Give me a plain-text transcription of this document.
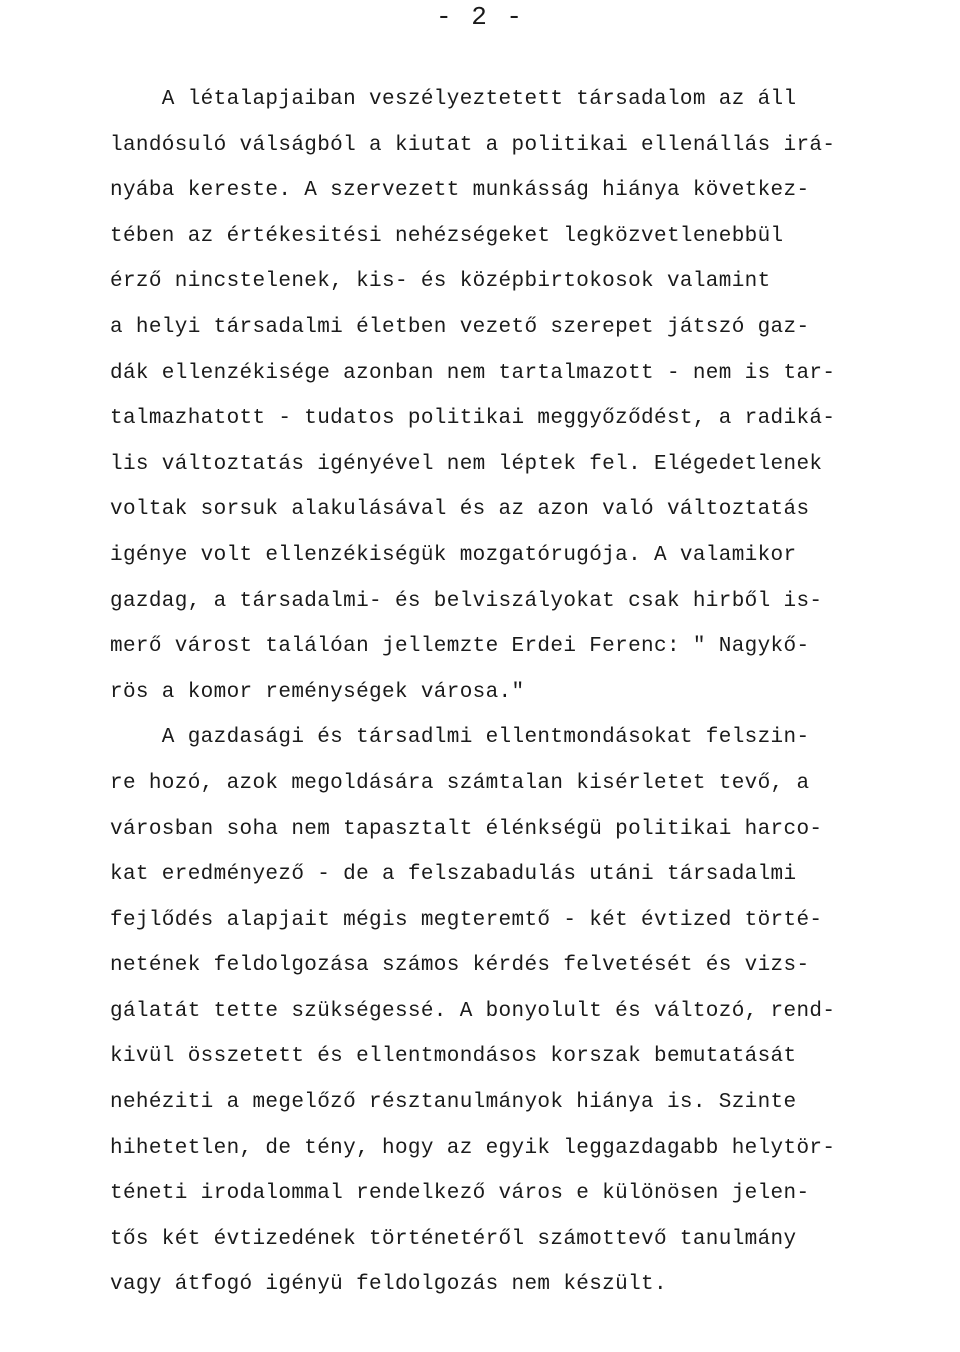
- 2 -
A létalapjaiban veszélyeztetett társadalom az áll
landósuló válságból a kiutat a politikai ellenállás irá-
nyába kereste. A szervezett munkásság hiánya következ-
tében az értékesitési nehézségeket legközvetlenebbül
érző nincstelenek, kis- és középbirtokosok valamint
a helyi társadalmi életben vezető szerepet játszó gaz-
dák ellenzékisége azonban nem tartalmazott - nem is tar-
talmazhatott - tudatos politikai meggyőződést, a radiká-
lis változtatás igényével nem léptek fel. Elégedetlenek
voltak sorsuk alakulásával és az azon való változtatás
igénye volt ellenzékiségük mozgatórugója. A valamikor
gazdag, a társadalmi- és belviszályokat csak hirből is-
merő várost találóan jellemzte Erdei Ferenc: " Nagykő-
rös a komor reménységek városa."
A gazdasági és társadlmi ellentmondásokat felszin-
re hozó, azok megoldására számtalan kisérletet tevő, a
városban soha nem tapasztalt élénkségü politikai harco-
kat eredményező - de a felszabadulás utáni társadalmi
fejlődés alapjait mégis megteremtő - két évtized törté-
netének feldolgozása számos kérdés felvetését és vizs-
gálatát tette szükségessé. A bonyolult és változó, rend-
kivül összetett és ellentmondásos korszak bemutatását
nehéziti a megelőző résztanulmányok hiánya is. Szinte
hihetetlen, de tény, hogy az egyik leggazdagabb helytör-
téneti irodalommal rendelkező város e különösen jelen-
tős két évtizedének történetéről számottevő tanulmány
vagy átfogó igényü feldolgozás nem készült.
